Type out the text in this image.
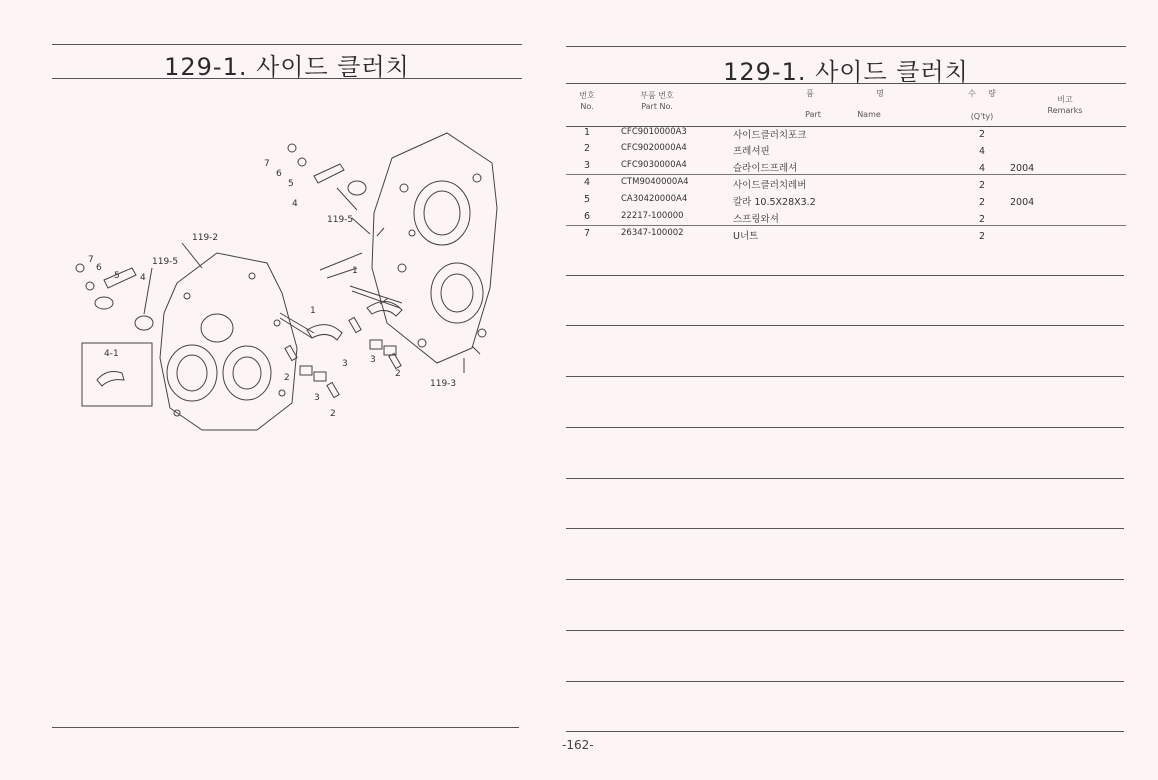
129-1. 사이드 클러치
119-2
119-5
119-5
119-3
4-1
1
1
2
2
2
3
3
3
4
4
5
5
6
6
7
7
129-1. 사이드 클러치
번호
No.
부품 번호
Part No.
품	명
Part	Name
수 량
(Q'ty)
비고
Remarks
1	CFC9010000A3	사이드클러치포크	2
2	CFC9020000A4	프레셔핀	4
3	CFC9030000A4	슬라이드프레셔	4	2004
4	CTM9040000A4	사이드클러치레버	2
5	CA30420000A4	칼라 10.5X28X3.2	2	2004
6	22217-100000	스프링와셔	2
7	26347-100002	U너트	2
-162-
